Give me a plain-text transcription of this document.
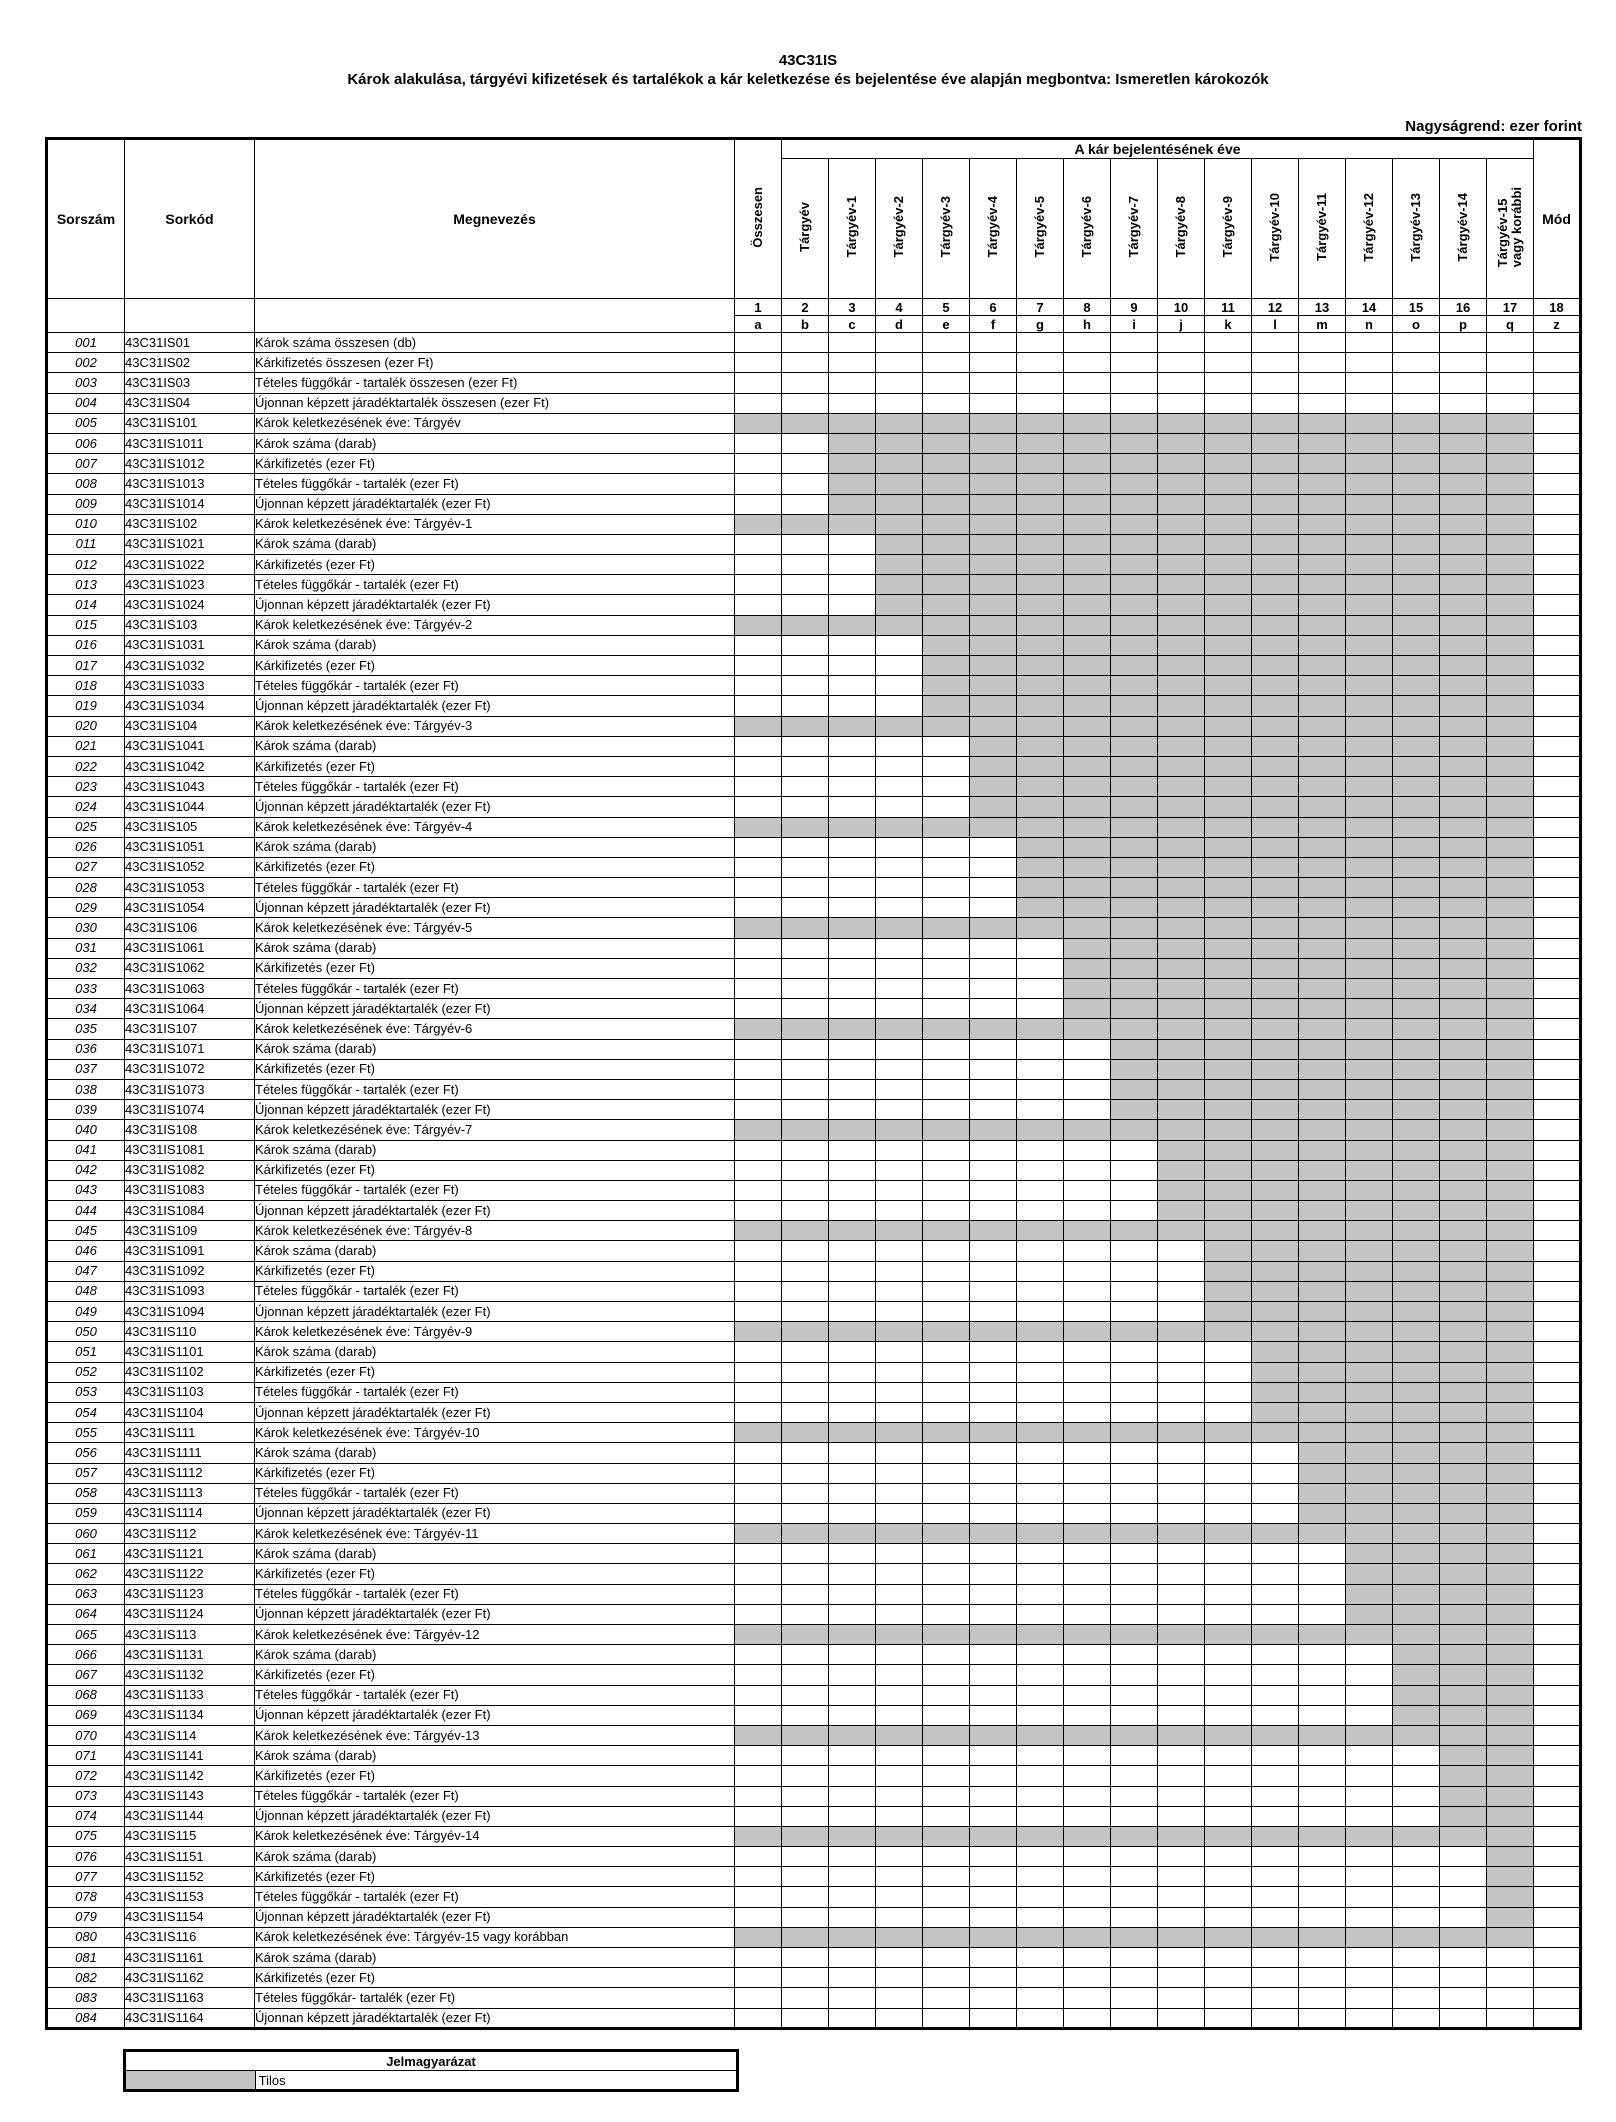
43C31IS
Károk alakulása, tárgyévi kifizetések és tartalékok a kár keletkezése és bejelentése éve alapján megbontva: Ismeretlen károkozók
Nagyságrend: ezer forint
Sorszám	Sorkód	Megnevezés	Összesen	A kár bejelentésének éve																Mód
				Tárgyév	Tárgyév-1	Tárgyév-2	Tárgyév-3	Tárgyév-4	Tárgyév-5	Tárgyév-6	Tárgyév-7	Tárgyév-8	Tárgyév-9	Tárgyév-10	Tárgyév-11	Tárgyév-12	Tárgyév-13	Tárgyév-14	Tárgyév-15
vagy korábbi	
			1	2	3	4	5	6	7	8	9	10	11	12	13	14	15	16	17	18
			a	b	c	d	e	f	g	h	i	j	k	l	m	n	o	p	q	z
001	43C31IS01	Károk száma összesen (db)																		
002	43C31IS02	Kárkifizetés összesen (ezer Ft)																		
003	43C31IS03	Tételes függőkár - tartalék összesen (ezer Ft)																		
004	43C31IS04	Újonnan képzett járadéktartalék összesen (ezer Ft)																		
005	43C31IS101	Károk keletkezésének éve: Tárgyév																		
006	43C31IS1011	Károk száma (darab)																		
007	43C31IS1012	Kárkifizetés (ezer Ft)																		
008	43C31IS1013	Tételes függőkár - tartalék (ezer Ft)																		
009	43C31IS1014	Újonnan képzett járadéktartalék (ezer Ft)																		
010	43C31IS102	Károk keletkezésének éve: Tárgyév-1																		
011	43C31IS1021	Károk száma (darab)																		
012	43C31IS1022	Kárkifizetés (ezer Ft)																		
013	43C31IS1023	Tételes függőkár - tartalék (ezer Ft)																		
014	43C31IS1024	Újonnan képzett járadéktartalék (ezer Ft)																		
015	43C31IS103	Károk keletkezésének éve: Tárgyév-2																		
016	43C31IS1031	Károk száma (darab)																		
017	43C31IS1032	Kárkifizetés (ezer Ft)																		
018	43C31IS1033	Tételes függőkár - tartalék (ezer Ft)																		
019	43C31IS1034	Újonnan képzett járadéktartalék (ezer Ft)																		
020	43C31IS104	Károk keletkezésének éve: Tárgyév-3																		
021	43C31IS1041	Károk száma (darab)																		
022	43C31IS1042	Kárkifizetés (ezer Ft)																		
023	43C31IS1043	Tételes függőkár - tartalék (ezer Ft)																		
024	43C31IS1044	Újonnan képzett járadéktartalék (ezer Ft)																		
025	43C31IS105	Károk keletkezésének éve: Tárgyév-4																		
026	43C31IS1051	Károk száma (darab)																		
027	43C31IS1052	Kárkifizetés (ezer Ft)																		
028	43C31IS1053	Tételes függőkár - tartalék (ezer Ft)																		
029	43C31IS1054	Újonnan képzett járadéktartalék (ezer Ft)																		
030	43C31IS106	Károk keletkezésének éve: Tárgyév-5																		
031	43C31IS1061	Károk száma (darab)																		
032	43C31IS1062	Kárkifizetés (ezer Ft)																		
033	43C31IS1063	Tételes függőkár - tartalék (ezer Ft)																		
034	43C31IS1064	Újonnan képzett járadéktartalék (ezer Ft)																		
035	43C31IS107	Károk keletkezésének éve: Tárgyév-6																		
036	43C31IS1071	Károk száma (darab)																		
037	43C31IS1072	Kárkifizetés (ezer Ft)																		
038	43C31IS1073	Tételes függőkár - tartalék (ezer Ft)																		
039	43C31IS1074	Újonnan képzett járadéktartalék (ezer Ft)																		
040	43C31IS108	Károk keletkezésének éve: Tárgyév-7																		
041	43C31IS1081	Károk száma (darab)																		
042	43C31IS1082	Kárkifizetés (ezer Ft)																		
043	43C31IS1083	Tételes függőkár - tartalék (ezer Ft)																		
044	43C31IS1084	Újonnan képzett járadéktartalék (ezer Ft)																		
045	43C31IS109	Károk keletkezésének éve: Tárgyév-8																		
046	43C31IS1091	Károk száma (darab)																		
047	43C31IS1092	Kárkifizetés (ezer Ft)																		
048	43C31IS1093	Tételes függőkár - tartalék (ezer Ft)																		
049	43C31IS1094	Újonnan képzett járadéktartalék (ezer Ft)																		
050	43C31IS110	Károk keletkezésének éve: Tárgyév-9																		
051	43C31IS1101	Károk száma (darab)																		
052	43C31IS1102	Kárkifizetés (ezer Ft)																		
053	43C31IS1103	Tételes függőkár - tartalék (ezer Ft)																		
054	43C31IS1104	Újonnan képzett járadéktartalék (ezer Ft)																		
055	43C31IS111	Károk keletkezésének éve: Tárgyév-10																		
056	43C31IS1111	Károk száma (darab)																		
057	43C31IS1112	Kárkifizetés (ezer Ft)																		
058	43C31IS1113	Tételes függőkár - tartalék (ezer Ft)																		
059	43C31IS1114	Újonnan képzett járadéktartalék (ezer Ft)																		
060	43C31IS112	Károk keletkezésének éve: Tárgyév-11																		
061	43C31IS1121	Károk száma (darab)																		
062	43C31IS1122	Kárkifizetés (ezer Ft)																		
063	43C31IS1123	Tételes függőkár - tartalék (ezer Ft)																		
064	43C31IS1124	Újonnan képzett járadéktartalék (ezer Ft)																		
065	43C31IS113	Károk keletkezésének éve: Tárgyév-12																		
066	43C31IS1131	Károk száma (darab)																		
067	43C31IS1132	Kárkifizetés (ezer Ft)																		
068	43C31IS1133	Tételes függőkár - tartalék (ezer Ft)																		
069	43C31IS1134	Újonnan képzett járadéktartalék (ezer Ft)																		
070	43C31IS114	Károk keletkezésének éve: Tárgyév-13																		
071	43C31IS1141	Károk száma (darab)																		
072	43C31IS1142	Kárkifizetés (ezer Ft)																		
073	43C31IS1143	Tételes függőkár - tartalék (ezer Ft)																		
074	43C31IS1144	Újonnan képzett járadéktartalék (ezer Ft)																		
075	43C31IS115	Károk keletkezésének éve: Tárgyév-14																		
076	43C31IS1151	Károk száma (darab)																		
077	43C31IS1152	Kárkifizetés (ezer Ft)																		
078	43C31IS1153	Tételes függőkár - tartalék (ezer Ft)																		
079	43C31IS1154	Újonnan képzett járadéktartalék (ezer Ft)																		
080	43C31IS116	Károk keletkezésének éve: Tárgyév-15 vagy korábban																		
081	43C31IS1161	Károk száma (darab)																		
082	43C31IS1162	Kárkifizetés (ezer Ft)																		
083	43C31IS1163	Tételes függőkár- tartalék (ezer Ft)																		
084	43C31IS1164	Újonnan képzett járadéktartalék (ezer Ft)																		
Jelmagyarázat
	Tilos
